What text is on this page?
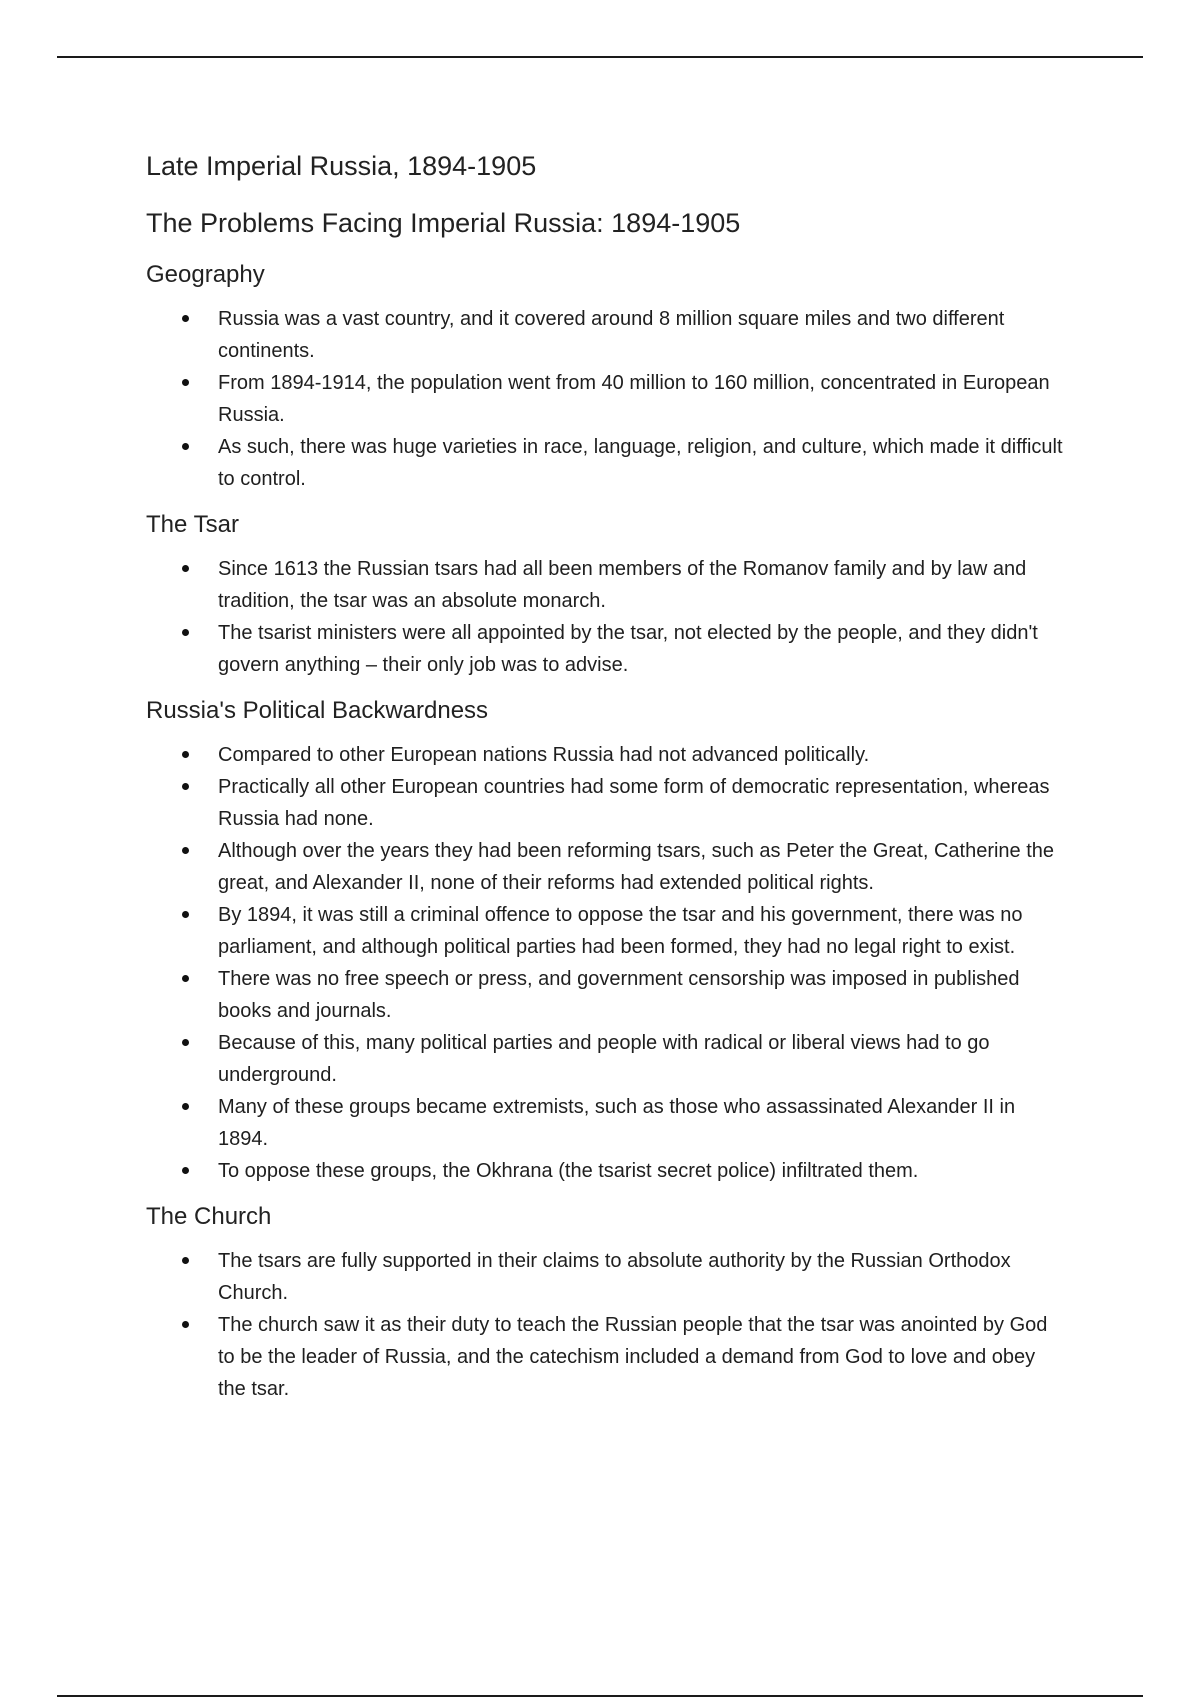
Late Imperial Russia, 1894-1905
The Problems Facing Imperial Russia: 1894-1905
Geography
Russia was a vast country, and it covered around 8 million square miles and two different continents.
From 1894-1914, the population went from 40 million to 160 million, concentrated in European Russia.
As such, there was huge varieties in race, language, religion, and culture, which made it difficult to control.
The Tsar
Since 1613 the Russian tsars had all been members of the Romanov family and by law and tradition, the tsar was an absolute monarch.
The tsarist ministers were all appointed by the tsar, not elected by the people, and they didn't govern anything – their only job was to advise.
Russia's Political Backwardness
Compared to other European nations Russia had not advanced politically.
Practically all other European countries had some form of democratic representation, whereas Russia had none.
Although over the years they had been reforming tsars, such as Peter the Great, Catherine the great, and Alexander II, none of their reforms had extended political rights.
By 1894, it was still a criminal offence to oppose the tsar and his government, there was no parliament, and although political parties had been formed, they had no legal right to exist.
There was no free speech or press, and government censorship was imposed in published books and journals.
Because of this, many political parties and people with radical or liberal views had to go underground.
Many of these groups became extremists, such as those who assassinated Alexander II in 1894.
To oppose these groups, the Okhrana (the tsarist secret police) infiltrated them.
The Church
The tsars are fully supported in their claims to absolute authority by the Russian Orthodox Church.
The church saw it as their duty to teach the Russian people that the tsar was anointed by God to be the leader of Russia, and the catechism included a demand from God to love and obey the tsar.
